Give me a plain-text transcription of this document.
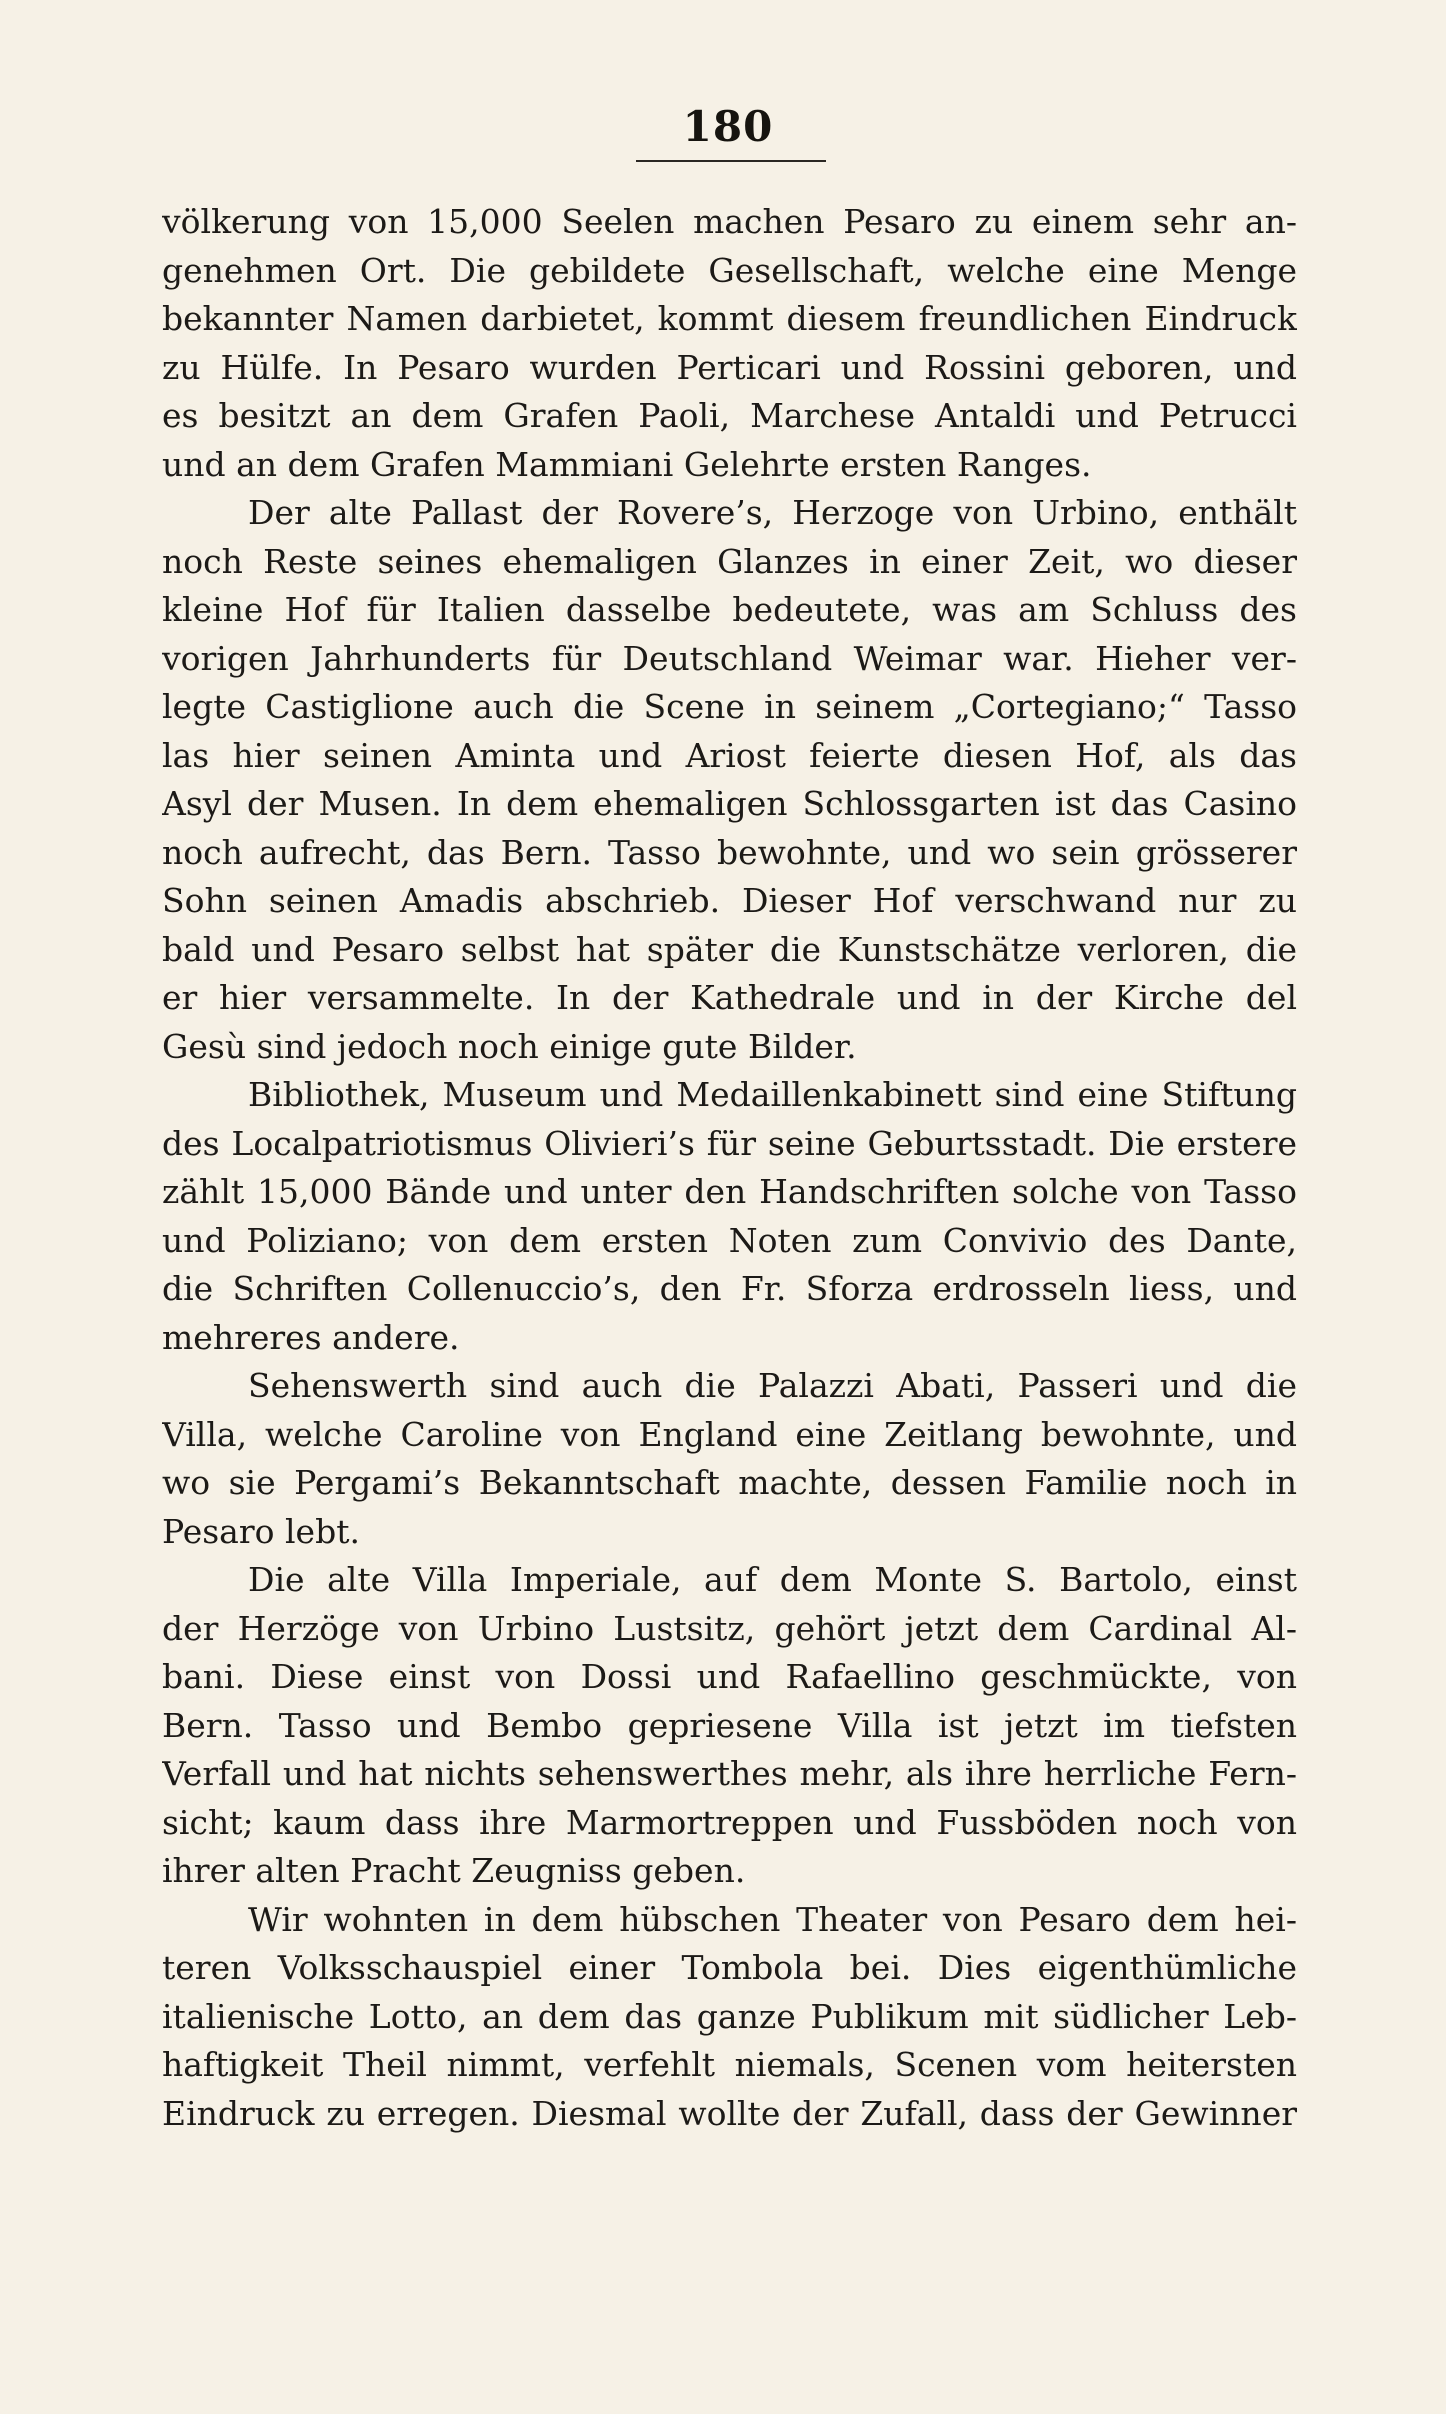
180
völkerung von 15,000 Seelen machen Pesaro zu einem sehr an-
genehmen Ort. Die gebildete Gesellschaft, welche eine Menge
bekannter Namen darbietet, kommt diesem freundlichen Eindruck
zu Hülfe. In Pesaro wurden Perticari und Rossini geboren, und
es besitzt an dem Grafen Paoli, Marchese Antaldi und Petrucci
und an dem Grafen Mammiani Gelehrte ersten Ranges.
Der alte Pallast der Rovere’s, Herzoge von Urbino, enthält
noch Reste seines ehemaligen Glanzes in einer Zeit, wo dieser
kleine Hof für Italien dasselbe bedeutete, was am Schluss des
vorigen Jahrhunderts für Deutschland Weimar war. Hieher ver-
legte Castiglione auch die Scene in seinem „Cortegiano;“ Tasso
las hier seinen Aminta und Ariost feierte diesen Hof, als das
Asyl der Musen. In dem ehemaligen Schlossgarten ist das Casino
noch aufrecht, das Bern. Tasso bewohnte, und wo sein grösserer
Sohn seinen Amadis abschrieb. Dieser Hof verschwand nur zu
bald und Pesaro selbst hat später die Kunstschätze verloren, die
er hier versammelte. In der Kathedrale und in der Kirche del
Gesù sind jedoch noch einige gute Bilder.
Bibliothek, Museum und Medaillenkabinett sind eine Stiftung
des Localpatriotismus Olivieri’s für seine Geburtsstadt. Die erstere
zählt 15,000 Bände und unter den Handschriften solche von Tasso
und Poliziano; von dem ersten Noten zum Convivio des Dante,
die Schriften Collenuccio’s, den Fr. Sforza erdrosseln liess, und
mehreres andere.
Sehenswerth sind auch die Palazzi Abati, Passeri und die
Villa, welche Caroline von England eine Zeitlang bewohnte, und
wo sie Pergami’s Bekanntschaft machte, dessen Familie noch in
Pesaro lebt.
Die alte Villa Imperiale, auf dem Monte S. Bartolo, einst
der Herzöge von Urbino Lustsitz, gehört jetzt dem Cardinal Al-
bani. Diese einst von Dossi und Rafaellino geschmückte, von
Bern. Tasso und Bembo gepriesene Villa ist jetzt im tiefsten
Verfall und hat nichts sehenswerthes mehr, als ihre herrliche Fern-
sicht; kaum dass ihre Marmortreppen und Fussböden noch von
ihrer alten Pracht Zeugniss geben.
Wir wohnten in dem hübschen Theater von Pesaro dem hei-
teren Volksschauspiel einer Tombola bei. Dies eigenthümliche
italienische Lotto, an dem das ganze Publikum mit südlicher Leb-
haftigkeit Theil nimmt, verfehlt niemals, Scenen vom heitersten
Eindruck zu erregen. Diesmal wollte der Zufall, dass der Gewinner
